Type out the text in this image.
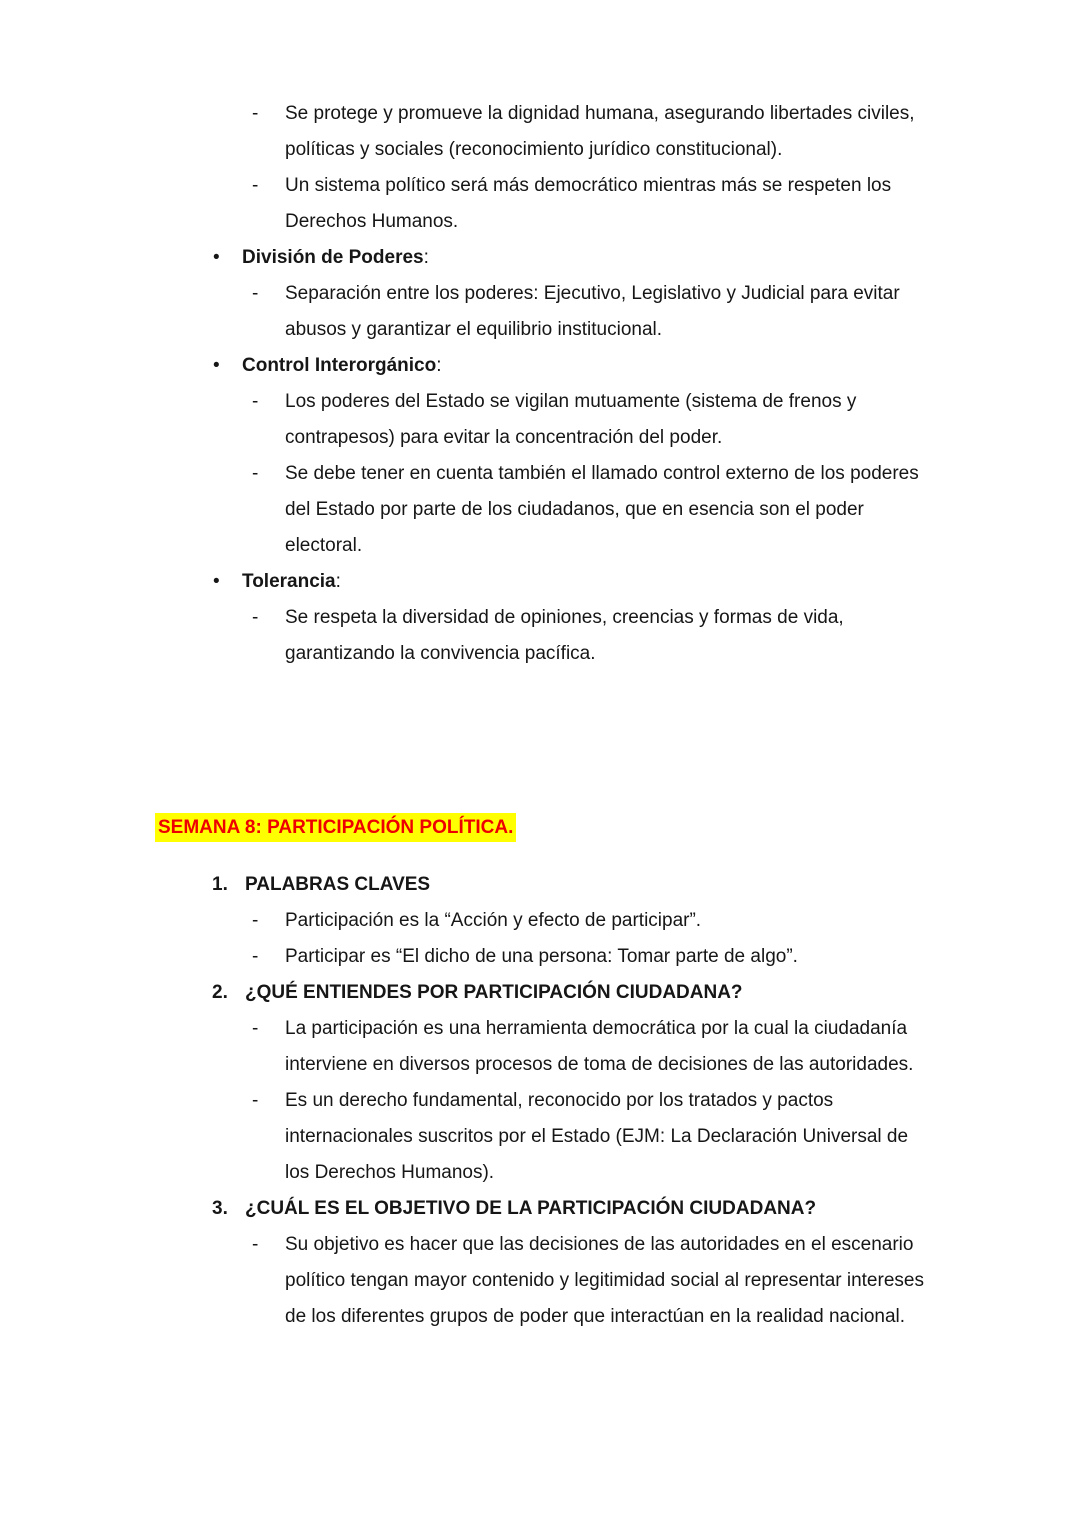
-	Se protege y promueve la dignidad humana, asegurando libertades civiles, políticas y sociales (reconocimiento jurídico constitucional).
-	Un sistema político será más democrático mientras más se respeten los Derechos Humanos.
•	División de Poderes:
-	Separación entre los poderes: Ejecutivo, Legislativo y Judicial para evitar abusos y garantizar el equilibrio institucional.
•	Control Interorgánico:
-	Los poderes del Estado se vigilan mutuamente (sistema de frenos y contrapesos) para evitar la concentración del poder.
-	Se debe tener en cuenta también el llamado control externo de los poderes del Estado por parte de los ciudadanos, que en esencia son el poder electoral.
•	Tolerancia:
-	Se respeta la diversidad de opiniones, creencias y formas de vida, garantizando la convivencia pacífica.
SEMANA 8: PARTICIPACIÓN POLÍTICA.
1. PALABRAS CLAVES
-	Participación es la “Acción y efecto de participar”.
-	Participar es “El dicho de una persona: Tomar parte de algo”.
2. ¿QUÉ ENTIENDES POR PARTICIPACIÓN CIUDADANA?
-	La participación es una herramienta democrática por la cual la ciudadanía interviene en diversos procesos de toma de decisiones de las autoridades.
-	Es un derecho fundamental, reconocido por los tratados y pactos internacionales suscritos por el Estado (EJM: La Declaración Universal de los Derechos Humanos).
3. ¿CUÁL ES EL OBJETIVO DE LA PARTICIPACIÓN CIUDADANA?
-	Su objetivo es hacer que las decisiones de las autoridades en el escenario político tengan mayor contenido y legitimidad social al representar intereses de los diferentes grupos de poder que interactúan en la realidad nacional.
